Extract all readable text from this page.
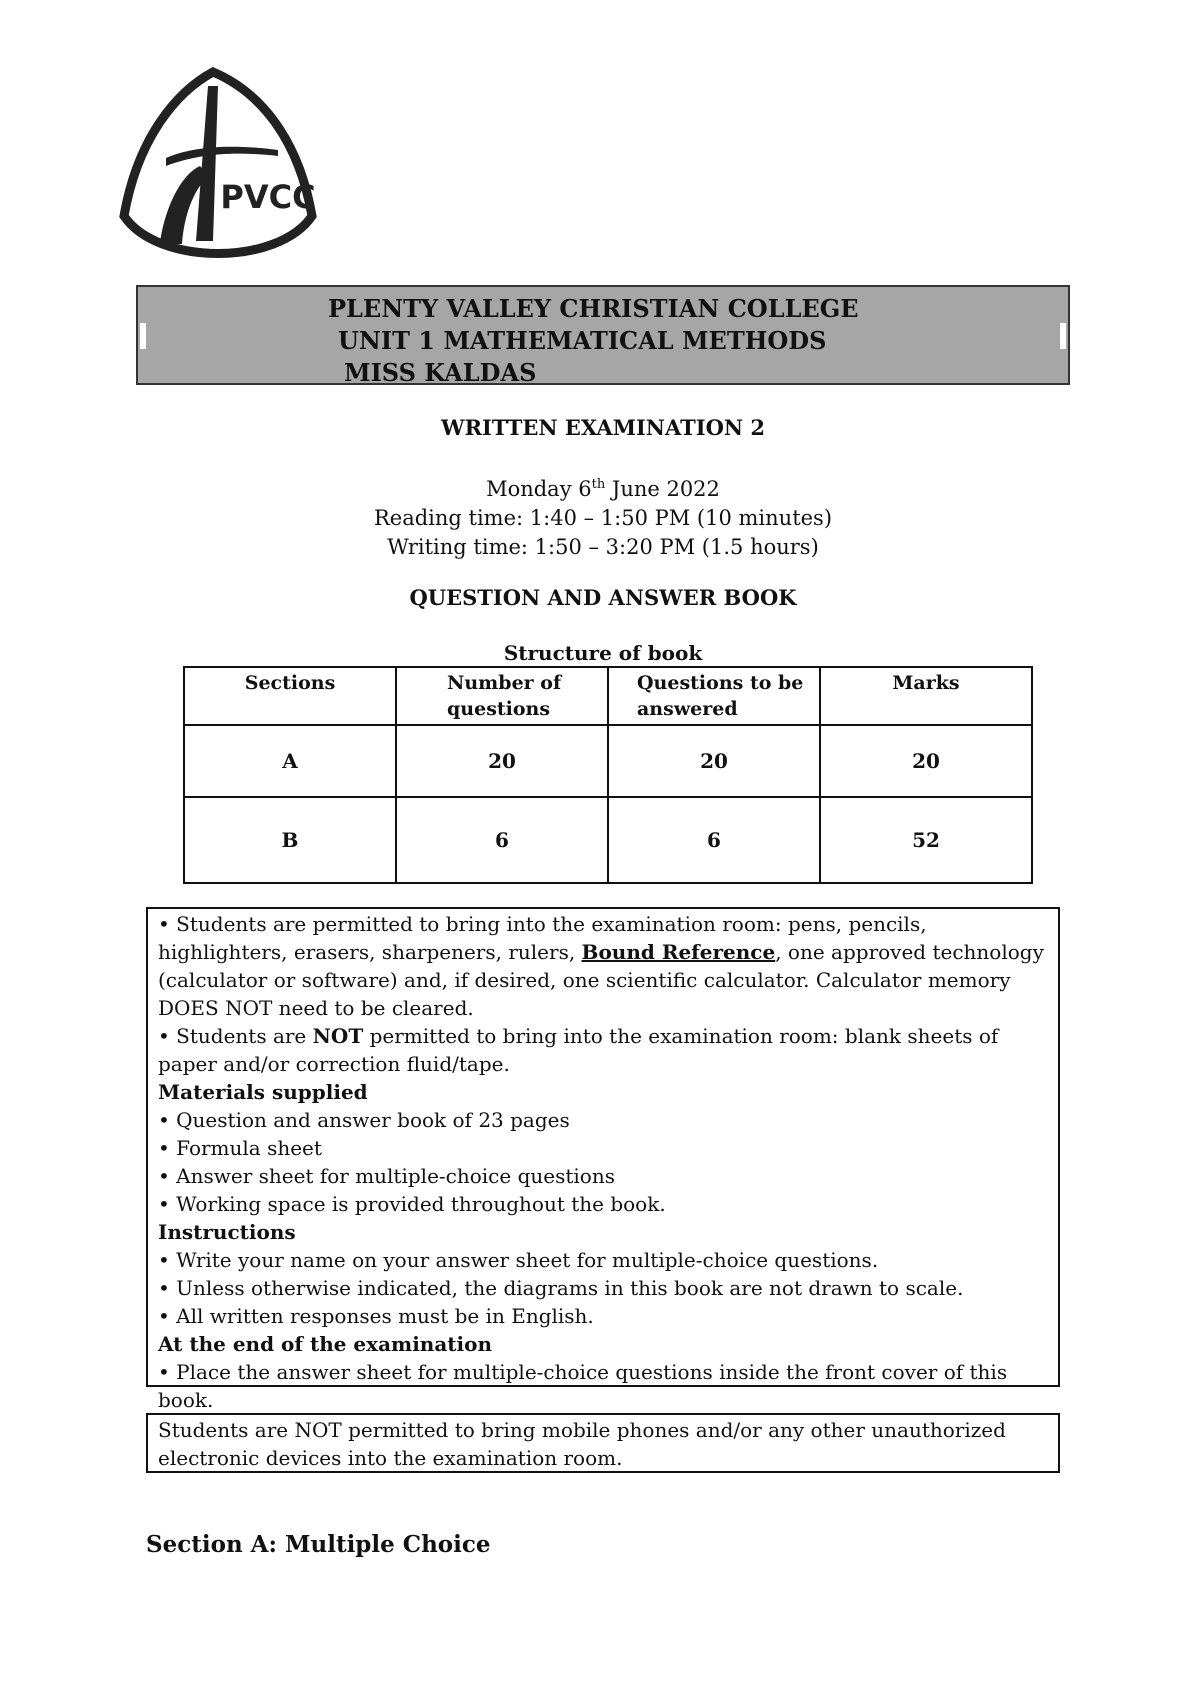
PVCC
PLENTY VALLEY CHRISTIAN COLLEGE
UNIT 1 MATHEMATICAL METHODS
MISS KALDAS
WRITTEN EXAMINATION 2
Monday 6th June 2022
Reading time: 1:40 – 1:50 PM (10 minutes)
Writing time: 1:50 – 3:20 PM (1.5 hours)
QUESTION AND ANSWER BOOK
Structure of book
Sections	Number of questions	Questions to be answered	Marks
A	20	20	20
B	6	6	52

• Students are permitted to bring into the examination room: pens, pencils, highlighters, erasers, sharpeners, rulers, Bound Reference, one approved technology (calculator or software) and, if desired, one scientific calculator. Calculator memory DOES NOT need to be cleared.

• Students are NOT permitted to bring into the examination room: blank sheets of paper and/or correction fluid/tape.

Materials supplied

• Question and answer book of 23 pages

• Formula sheet

• Answer sheet for multiple-choice questions

• Working space is provided throughout the book.

Instructions

• Write your name on your answer sheet for multiple-choice questions.

• Unless otherwise indicated, the diagrams in this book are not drawn to scale.

• All written responses must be in English.

At the end of the examination

• Place the answer sheet for multiple-choice questions inside the front cover of this book.

Students are NOT permitted to bring mobile phones and/or any other unauthorized electronic devices into the examination room.
Section A: Multiple Choice
